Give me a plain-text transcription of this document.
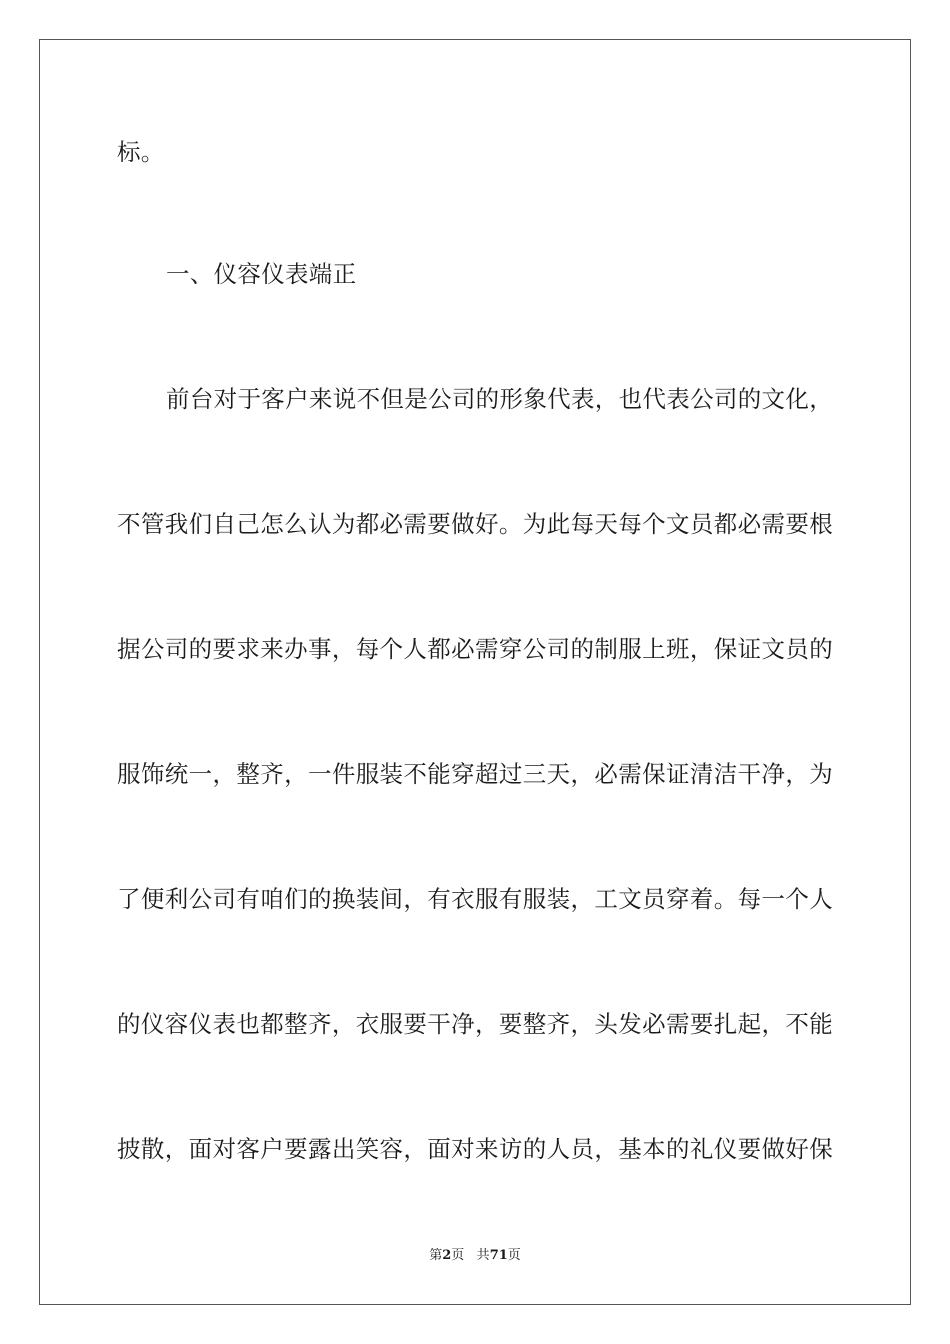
标。
一、仪容仪表端正
前台对于客户来说不但是公司的形象代表，也代表公司的文化，
不管我们自己怎么认为都必需要做好。为此每天每个文员都必需要根
据公司的要求来办事，每个人都必需穿公司的制服上班，保证文员的
服饰统一，整齐，一件服装不能穿超过三天，必需保证清洁干净，为
了便利公司有咱们的换装间，有衣服有服装，工文员穿着。每一个人
的仪容仪表也都整齐，衣服要干净，要整齐，头发必需要扎起，不能
披散，面对客户要露出笑容，面对来访的人员，基本的礼仪要做好保
第2页 共71页
